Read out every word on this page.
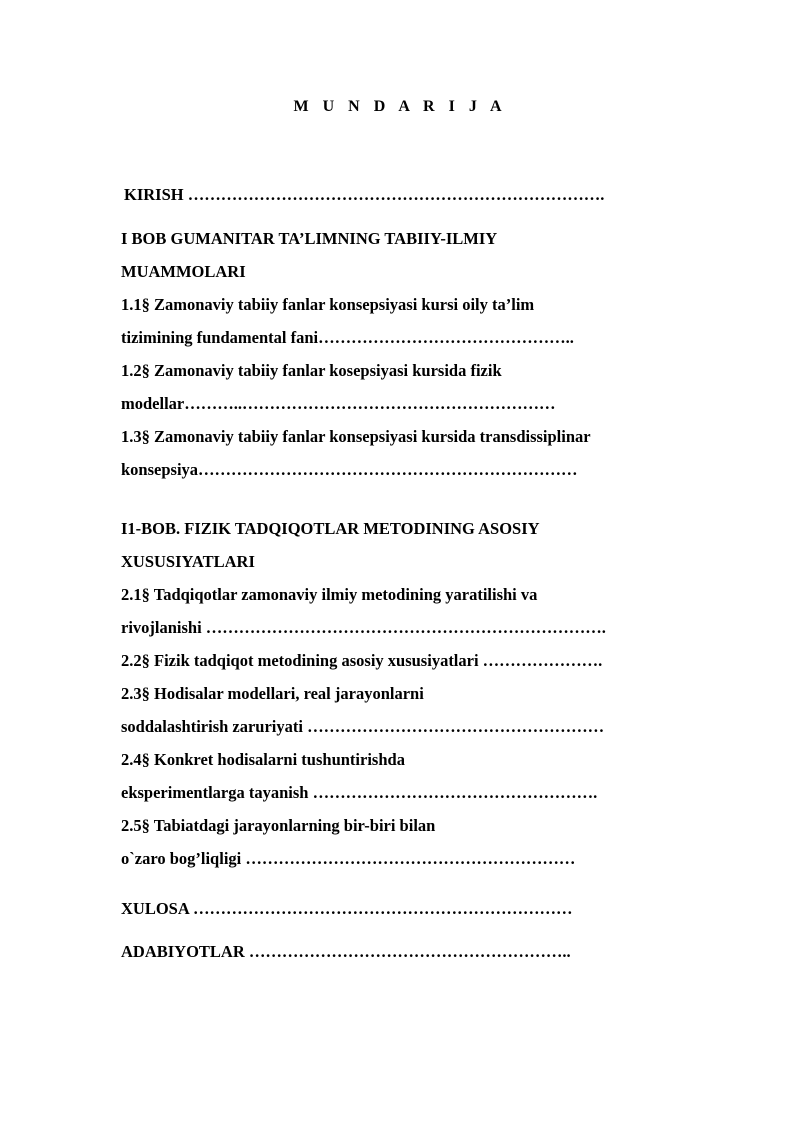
M U N D A R I J A
KIRISH ………………………………………………………………….
I BOB GUMANITAR TA’LIMNING TABIIY-ILMIY
MUAMMOLARI
1.1§ Zamonaviy tabiiy fanlar konsepsiyasi kursi oily ta’lim
tizimining fundamental fani………………………………………..
1.2§ Zamonaviy tabiiy fanlar kosepsiyasi kursida fizik
modellar………..…………………………………………………
1.3§ Zamonaviy tabiiy fanlar konsepsiyasi kursida transdissiplinar
konsepsiya……………………………………………………………
I1-BOB. FIZIK TADQIQOTLAR METODINING ASOSIY
XUSUSIYATLARI
2.1§ Tadqiqotlar zamonaviy ilmiy metodining yaratilishi va
rivojlanishi ……………………………………………………………….
2.2§ Fizik tadqiqot metodining asosiy xususiyatlari ………………….
2.3§ Hodisalar modellari, real jarayonlarni
soddalashtirish zaruriyati ………………………………………………
2.4§ Konkret hodisalarni tushuntirishda
eksperimentlarga tayanish …………………………………………….
2.5§ Tabiatdagi jarayonlarning bir-biri bilan
o`zaro bog’liqligi ……………………………………………………
XULOSA ……………………………………………………………
ADABIYOTLAR …………………………………………………..
